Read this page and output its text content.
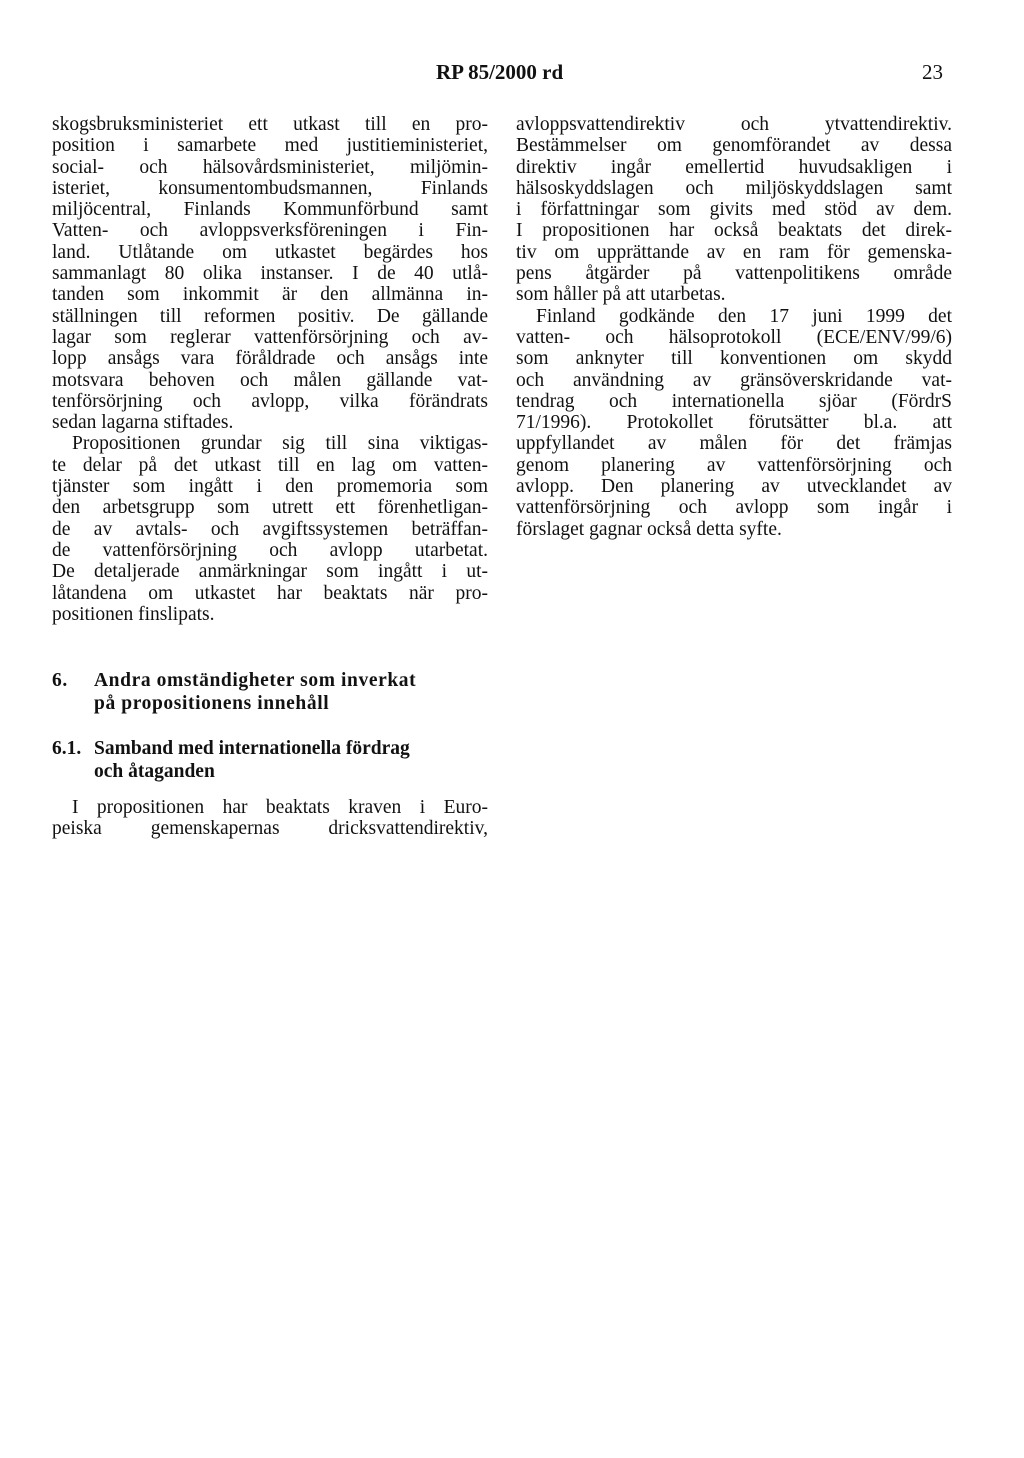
RP 85/2000 rd	23
skogsbruksministeriet ett utkast till en pro-
position i samarbete med justitieministeriet,
social- och hälsovårdsministeriet, miljömin-
isteriet, konsumentombudsmannen, Finlands
miljöcentral, Finlands Kommunförbund samt
Vatten- och avloppsverksföreningen i Fin-
land. Utlåtande om utkastet begärdes hos
sammanlagt 80 olika instanser. I de 40 utlå-
tanden som inkommit är den allmänna in-
ställningen till reformen positiv. De gällande
lagar som reglerar vattenförsörjning och av-
lopp ansågs vara föråldrade och ansågs inte
motsvara behoven och målen gällande vat-
tenförsörjning och avlopp, vilka förändrats
sedan lagarna stiftades.
Propositionen grundar sig till sina viktigas-
te delar på det utkast till en lag om vatten-
tjänster som ingått i den promemoria som
den arbetsgrupp som utrett ett förenhetligan-
de av avtals- och avgiftssystemen beträffan-
de vattenförsörjning och avlopp utarbetat.
De detaljerade anmärkningar som ingått i ut-
låtandena om utkastet har beaktats när pro-
positionen finslipats.
6. Andra omständigheter som inverkat
på propositionens innehåll
6.1. Samband med internationella fördrag
och åtaganden
I propositionen har beaktats kraven i Euro-
peiska gemenskapernas dricksvattendirektiv,
avloppsvattendirektiv och ytvattendirektiv.
Bestämmelser om genomförandet av dessa
direktiv ingår emellertid huvudsakligen i
hälsoskyddslagen och miljöskyddslagen samt
i författningar som givits med stöd av dem.
I propositionen har också beaktats det direk-
tiv om upprättande av en ram för gemenska-
pens åtgärder på vattenpolitikens område
som håller på att utarbetas.
Finland godkände den 17 juni 1999 det
vatten- och hälsoprotokoll (ECE/ENV/99/6)
som anknyter till konventionen om skydd
och användning av gränsöverskridande vat-
tendrag och internationella sjöar (FördrS
71/1996). Protokollet förutsätter bl.a. att
uppfyllandet av målen för det främjas
genom planering av vattenförsörjning och
avlopp. Den planering av utvecklandet av
vattenförsörjning och avlopp som ingår i
förslaget gagnar också detta syfte.
